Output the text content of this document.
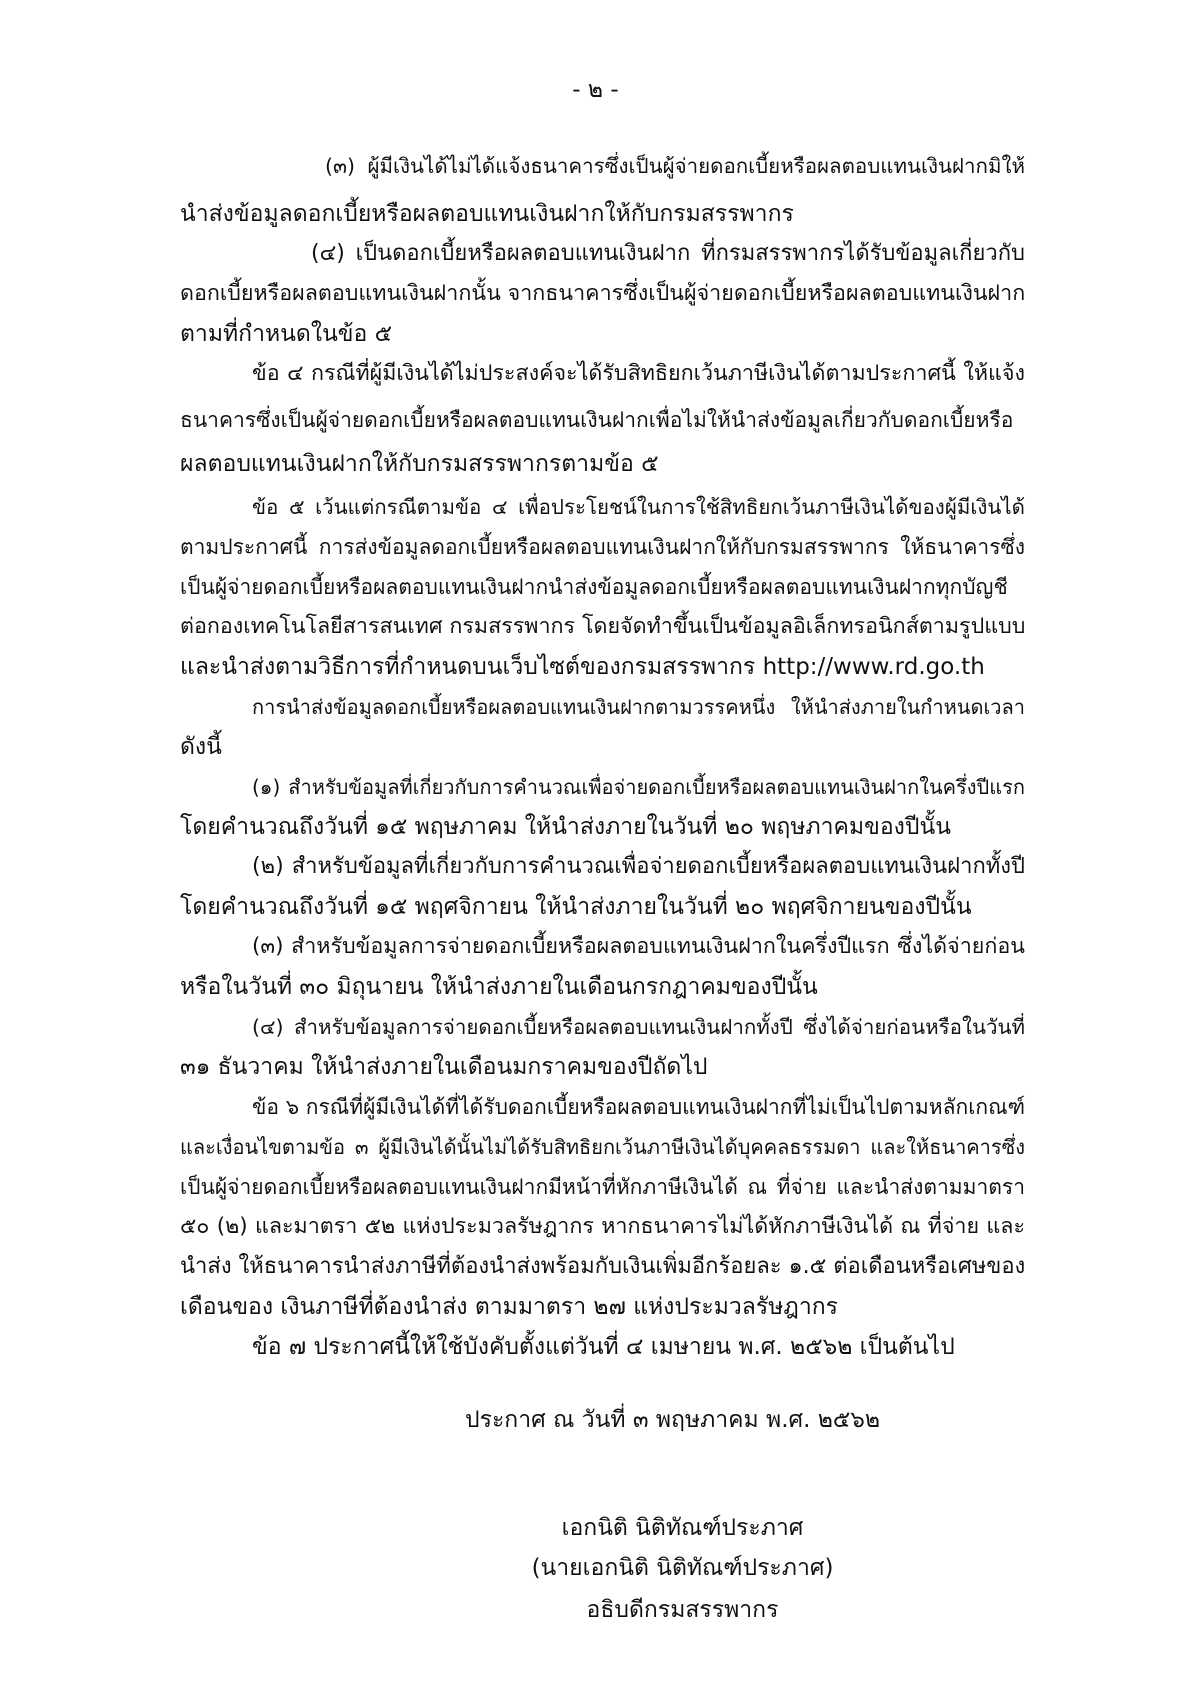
- ๒ -
(๓) ผู้มีเงินได้ไม่ได้แจ้งธนาคารซึ่งเป็นผู้จ่ายดอกเบี้ยหรือผลตอบแทนเงินฝากมิให้
นำส่งข้อมูลดอกเบี้ยหรือผลตอบแทนเงินฝากให้กับกรมสรรพากร
(๔) เป็นดอกเบี้ยหรือผลตอบแทนเงินฝาก ที่กรมสรรพากรได้รับข้อมูลเกี่ยวกับ
ดอกเบี้ยหรือผลตอบแทนเงินฝากนั้น จากธนาคารซึ่งเป็นผู้จ่ายดอกเบี้ยหรือผลตอบแทนเงินฝาก
ตามที่กำหนดในข้อ ๕
ข้อ ๔ กรณีที่ผู้มีเงินได้ไม่ประสงค์จะได้รับสิทธิยกเว้นภาษีเงินได้ตามประกาศนี้ ให้แจ้ง
ธนาคารซึ่งเป็นผู้จ่ายดอกเบี้ยหรือผลตอบแทนเงินฝากเพื่อไม่ให้นำส่งข้อมูลเกี่ยวกับดอกเบี้ยหรือ
ผลตอบแทนเงินฝากให้กับกรมสรรพากรตามข้อ ๕
ข้อ ๕ เว้นแต่กรณีตามข้อ ๔ เพื่อประโยชน์ในการใช้สิทธิยกเว้นภาษีเงินได้ของผู้มีเงินได้
ตามประกาศนี้ การส่งข้อมูลดอกเบี้ยหรือผลตอบแทนเงินฝากให้กับกรมสรรพากร ให้ธนาคารซึ่ง
เป็นผู้จ่ายดอกเบี้ยหรือผลตอบแทนเงินฝากนำส่งข้อมูลดอกเบี้ยหรือผลตอบแทนเงินฝากทุกบัญชี
ต่อกองเทคโนโลยีสารสนเทศ กรมสรรพากร โดยจัดทำขึ้นเป็นข้อมูลอิเล็กทรอนิกส์ตามรูปแบบ
และนำส่งตามวิธีการที่กำหนดบนเว็บไซต์ของกรมสรรพากร http://www.rd.go.th
การนำส่งข้อมูลดอกเบี้ยหรือผลตอบแทนเงินฝากตามวรรคหนึ่ง ให้นำส่งภายในกำหนดเวลา
ดังนี้
(๑) สำหรับข้อมูลที่เกี่ยวกับการคำนวณเพื่อจ่ายดอกเบี้ยหรือผลตอบแทนเงินฝากในครึ่งปีแรก
โดยคำนวณถึงวันที่ ๑๕ พฤษภาคม ให้นำส่งภายในวันที่ ๒๐ พฤษภาคมของปีนั้น
(๒) สำหรับข้อมูลที่เกี่ยวกับการคำนวณเพื่อจ่ายดอกเบี้ยหรือผลตอบแทนเงินฝากทั้งปี
โดยคำนวณถึงวันที่ ๑๕ พฤศจิกายน ให้นำส่งภายในวันที่ ๒๐ พฤศจิกายนของปีนั้น
(๓) สำหรับข้อมูลการจ่ายดอกเบี้ยหรือผลตอบแทนเงินฝากในครึ่งปีแรก ซึ่งได้จ่ายก่อน
หรือในวันที่ ๓๐ มิถุนายน ให้นำส่งภายในเดือนกรกฎาคมของปีนั้น
(๔) สำหรับข้อมูลการจ่ายดอกเบี้ยหรือผลตอบแทนเงินฝากทั้งปี ซึ่งได้จ่ายก่อนหรือในวันที่
๓๑ ธันวาคม ให้นำส่งภายในเดือนมกราคมของปีถัดไป
ข้อ ๖ กรณีที่ผู้มีเงินได้ที่ได้รับดอกเบี้ยหรือผลตอบแทนเงินฝากที่ไม่เป็นไปตามหลักเกณฑ์
และเงื่อนไขตามข้อ ๓ ผู้มีเงินได้นั้นไม่ได้รับสิทธิยกเว้นภาษีเงินได้บุคคลธรรมดา และให้ธนาคารซึ่ง
เป็นผู้จ่ายดอกเบี้ยหรือผลตอบแทนเงินฝากมีหน้าที่หักภาษีเงินได้ ณ ที่จ่าย และนำส่งตามมาตรา
๕๐ (๒) และมาตรา ๕๒ แห่งประมวลรัษฎากร หากธนาคารไม่ได้หักภาษีเงินได้ ณ ที่จ่าย และ
นำส่ง ให้ธนาคารนำส่งภาษีที่ต้องนำส่งพร้อมกับเงินเพิ่มอีกร้อยละ ๑.๕ ต่อเดือนหรือเศษของ
เดือนของ เงินภาษีที่ต้องนำส่ง ตามมาตรา ๒๗ แห่งประมวลรัษฎากร
ข้อ ๗ ประกาศนี้ให้ใช้บังคับตั้งแต่วันที่ ๔ เมษายน พ.ศ. ๒๕๖๒ เป็นต้นไป
ประกาศ ณ วันที่ ๓ พฤษภาคม พ.ศ. ๒๕๖๒
เอกนิติ นิติทัณฑ์ประภาศ
(นายเอกนิติ นิติทัณฑ์ประภาศ)
อธิบดีกรมสรรพากร
